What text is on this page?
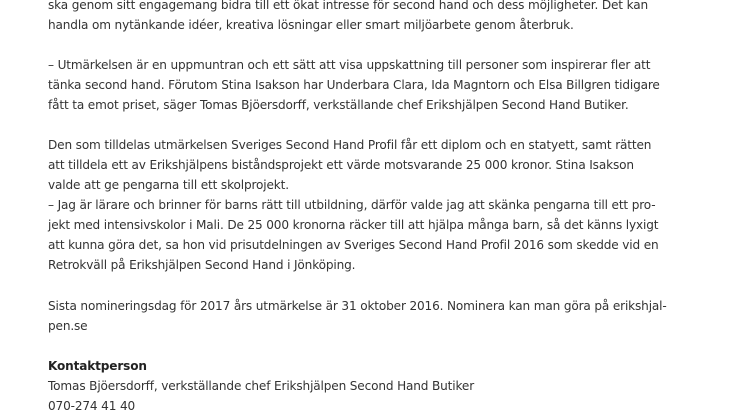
ska genom sitt engagemang bidra till ett ökat intresse för second hand och dess möjligheter. Det kan
handla om nytänkande idéer, kreativa lösningar eller smart miljöarbete genom återbruk.
– Utmärkelsen är en uppmuntran och ett sätt att visa uppskattning till personer som inspirerar fler att
tänka second hand. Förutom Stina Isakson har Underbara Clara, Ida Magntorn och Elsa Billgren tidigare
fått ta emot priset, säger Tomas Bjöersdorff, verkställande chef Erikshjälpen Second Hand Butiker.
Den som tilldelas utmärkelsen Sveriges Second Hand Profil får ett diplom och en statyett, samt rätten
att tilldela ett av Erikshjälpens biståndsprojekt ett värde motsvarande 25 000 kronor. Stina Isakson
valde att ge pengarna till ett skolprojekt.
– Jag är lärare och brinner för barns rätt till utbildning, därför valde jag att skänka pengarna till ett pro-
jekt med intensivskolor i Mali. De 25 000 kronorna räcker till att hjälpa många barn, så det känns lyxigt
att kunna göra det, sa hon vid prisutdelningen av Sveriges Second Hand Profil 2016 som skedde vid en
Retrokväll på Erikshjälpen Second Hand i Jönköping.
Sista nomineringsdag för 2017 års utmärkelse är 31 oktober 2016. Nominera kan man göra på erikshjal-
pen.se
Kontaktperson
Tomas Bjöersdorff, verkställande chef Erikshjälpen Second Hand Butiker
070-274 41 40
